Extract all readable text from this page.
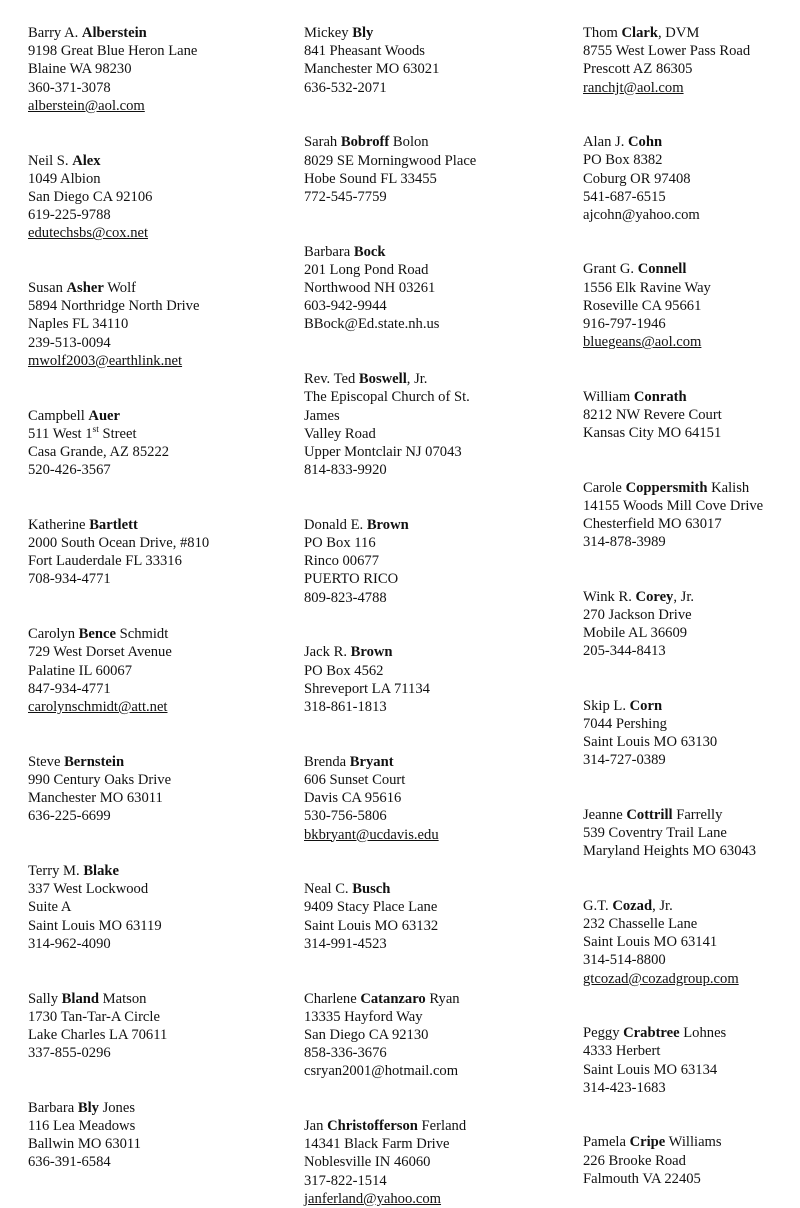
Barry A. Alberstein
9198 Great Blue Heron Lane
Blaine WA 98230
360-371-3078
alberstein@aol.com
Neil S. Alex
1049 Albion
San Diego CA 92106
619-225-9788
edutechsbs@cox.net
Susan Asher Wolf
5894 Northridge North Drive
Naples FL 34110
239-513-0094
mwolf2003@earthlink.net
Campbell Auer
511 West 1st Street
Casa Grande, AZ 85222
520-426-3567
Katherine Bartlett
2000 South Ocean Drive, #810
Fort Lauderdale FL 33316
708-934-4771
Carolyn Bence Schmidt
729 West Dorset Avenue
Palatine IL 60067
847-934-4771
carolynschmidt@att.net
Steve Bernstein
990 Century Oaks Drive
Manchester MO 63011
636-225-6699
Terry M. Blake
337 West Lockwood
Suite A
Saint Louis MO 63119
314-962-4090
Sally Bland Matson
1730 Tan-Tar-A Circle
Lake Charles LA 70611
337-855-0296
Barbara Bly Jones
116 Lea Meadows
Ballwin MO 63011
636-391-6584
Mickey Bly
841 Pheasant Woods
Manchester MO 63021
636-532-2071
Sarah Bobroff Bolon
8029 SE Morningwood Place
Hobe Sound FL 33455
772-545-7759
Barbara Bock
201 Long Pond Road
Northwood NH 03261
603-942-9944
BBock@Ed.state.nh.us
Rev. Ted Boswell, Jr.
The Episcopal Church of St.
James
Valley Road
Upper Montclair NJ 07043
814-833-9920
Donald E. Brown
PO Box 116
Rinco 00677
PUERTO RICO
809-823-4788
Jack R. Brown
PO Box 4562
Shreveport LA 71134
318-861-1813
Brenda Bryant
606 Sunset Court
Davis CA 95616
530-756-5806
bkbryant@ucdavis.edu
Neal C. Busch
9409 Stacy Place Lane
Saint Louis MO 63132
314-991-4523
Charlene Catanzaro Ryan
13335 Hayford Way
San Diego CA 92130
858-336-3676
csryan2001@hotmail.com
Jan Christofferson Ferland
14341 Black Farm Drive
Noblesville IN 46060
317-822-1514
janferland@yahoo.com
Thom Clark, DVM
8755 West Lower Pass Road
Prescott AZ 86305
ranchjt@aol.com
Alan J. Cohn
PO Box 8382
Coburg OR 97408
541-687-6515
ajcohn@yahoo.com
Grant G. Connell
1556 Elk Ravine Way
Roseville CA 95661
916-797-1946
bluegeans@aol.com
William Conrath
8212 NW Revere Court
Kansas City MO 64151
Carole Coppersmith Kalish
14155 Woods Mill Cove Drive
Chesterfield MO 63017
314-878-3989
Wink R. Corey, Jr.
270 Jackson Drive
Mobile AL 36609
205-344-8413
Skip L. Corn
7044 Pershing
Saint Louis MO 63130
314-727-0389
Jeanne Cottrill Farrelly
539 Coventry Trail Lane
Maryland Heights MO 63043
G.T. Cozad, Jr.
232 Chasselle Lane
Saint Louis MO 63141
314-514-8800
gtcozad@cozadgroup.com
Peggy Crabtree Lohnes
4333 Herbert
Saint Louis MO 63134
314-423-1683
Pamela Cripe Williams
226 Brooke Road
Falmouth VA 22405
